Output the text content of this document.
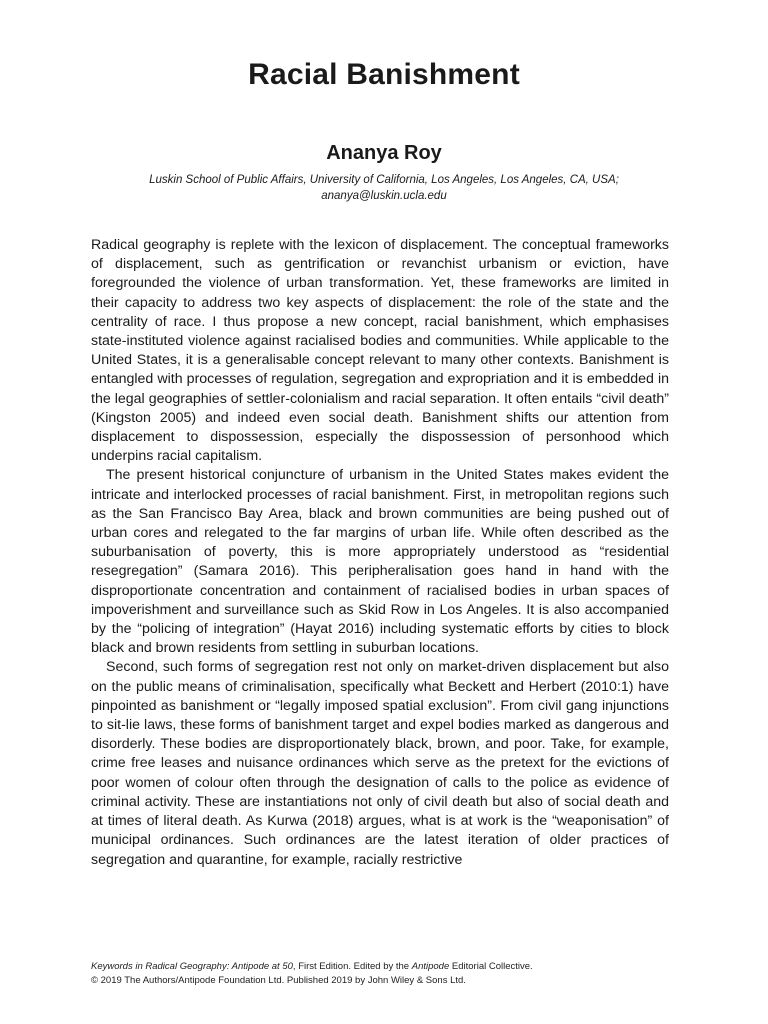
Racial Banishment
Ananya Roy
Luskin School of Public Affairs, University of California, Los Angeles, Los Angeles, CA, USA;
ananya@luskin.ucla.edu

Radical geography is replete with the lexicon of displacement. The conceptual frameworks of displacement, such as gentrification or revanchist urbanism or eviction, have foregrounded the violence of urban transformation. Yet, these frameworks are limited in their capacity to address two key aspects of displacement: the role of the state and the centrality of race. I thus propose a new concept, racial banishment, which emphasises state-instituted violence against racialised bodies and communities. While applicable to the United States, it is a generalisable concept relevant to many other contexts. Banishment is entangled with processes of regulation, segregation and expropriation and it is embedded in the legal geographies of settler-colonialism and racial separation. It often entails “civil death” (Kingston 2005) and indeed even social death. Banishment shifts our attention from displacement to dispossession, especially the dispossession of personhood which underpins racial capitalism.

The present historical conjuncture of urbanism in the United States makes evident the intricate and interlocked processes of racial banishment. First, in metropolitan regions such as the San Francisco Bay Area, black and brown communities are being pushed out of urban cores and relegated to the far margins of urban life. While often described as the suburbanisation of poverty, this is more appropriately understood as “residential resegregation” (Samara 2016). This peripheralisation goes hand in hand with the disproportionate concentration and containment of racialised bodies in urban spaces of impoverishment and surveillance such as Skid Row in Los Angeles. It is also accompanied by the “policing of integration” (Hayat 2016) including systematic efforts by cities to block black and brown residents from settling in suburban locations.

Second, such forms of segregation rest not only on market-driven displacement but also on the public means of criminalisation, specifically what Beckett and Herbert (2010:1) have pinpointed as banishment or “legally imposed spatial exclusion”. From civil gang injunctions to sit-lie laws, these forms of banishment target and expel bodies marked as dangerous and disorderly. These bodies are disproportionately black, brown, and poor. Take, for example, crime free leases and nuisance ordinances which serve as the pretext for the evictions of poor women of colour often through the designation of calls to the police as evidence of criminal activity. These are instantiations not only of civil death but also of social death and at times of literal death. As Kurwa (2018) argues, what is at work is the “weaponisation” of municipal ordinances. Such ordinances are the latest iteration of older practices of segregation and quarantine, for example, racially restrictive

Keywords in Radical Geography: Antipode at 50, First Edition. Edited by the Antipode Editorial Collective.
© 2019 The Authors/Antipode Foundation Ltd. Published 2019 by John Wiley & Sons Ltd.
